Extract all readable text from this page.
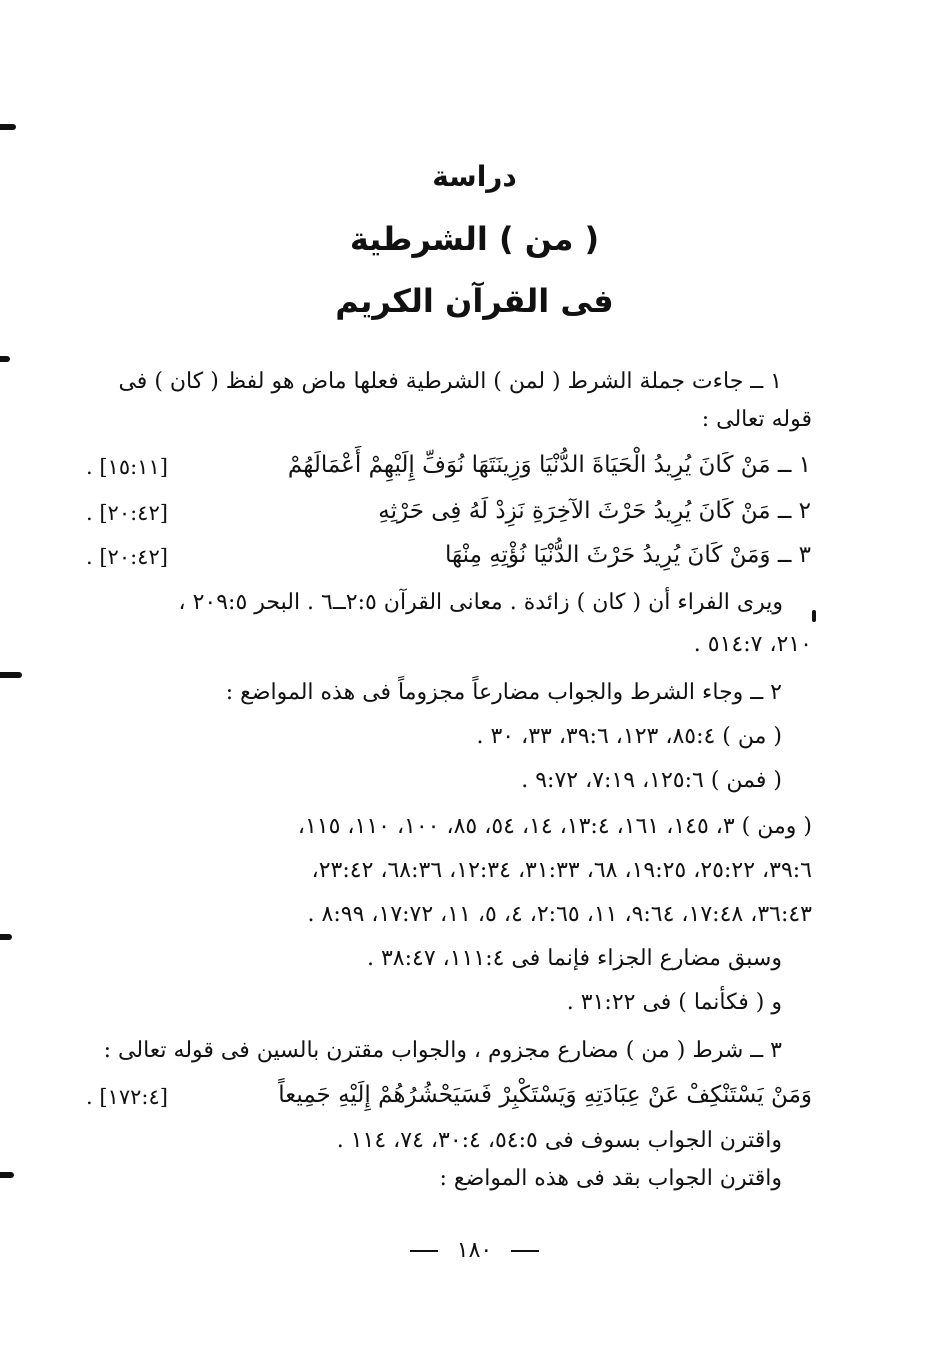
دراسة
( من ) الشرطية
فى القرآن الكريم
١ ــ جاءت جملة الشرط ( لمن ) الشرطية فعلها ماض هو لفظ ( كان ) فى
قوله تعالى :
١ ــ مَنْ كَانَ يُرِيدُ الْحَيَاةَ الدُّنْيَا وَزِينَتَهَا نُوَفِّ إِلَيْهِمْ أَعْمَالَهُمْ
[١٥:١١] .
٢ ــ مَنْ كَانَ يُرِيدُ حَرْثَ الآخِرَةِ نَزِدْ لَهُ فِى حَرْثِهِ
[٢٠:٤٢] .
٣ ــ وَمَنْ كَانَ يُرِيدُ حَرْثَ الدُّنْيَا نُؤْتِهِ مِنْهَا
[٢٠:٤٢] .
ويرى الفراء أن ( كان ) زائدة . معانى القرآن ٢:٥ــ٦ . البحر ٢٠٩:٥ ،
٢١٠، ٥١٤:٧ .
٢ ــ وجاء الشرط والجواب مضارعاً مجزوماً فى هذه المواضع :
( من ) ٨٥:٤، ١٢٣، ٣٩:٦، ٣٣، ٣٠ .
( فمن ) ١٢٥:٦، ٧:١٩، ٩:٧٢ .
( ومن ) ٣، ١٤٥، ١٦١، ١٣:٤، ١٤، ٥٤، ٨٥، ١٠٠، ١١٠، ١١٥،
٣٩:٦، ٢٥:٢٢، ١٩:٢٥، ٦٨، ٣١:٣٣، ١٢:٣٤، ٦٨:٣٦، ٢٣:٤٢،
٣٦:٤٣، ١٧:٤٨، ٩:٦٤، ١١، ٢:٦٥، ٤، ٥، ١١، ١٧:٧٢، ٨:٩٩ .
وسبق مضارع الجزاء فإنما فى ١١١:٤، ٣٨:٤٧ .
و ( فكأنما ) فى ٣١:٢٢ .
٣ ــ شرط ( من ) مضارع مجزوم ، والجواب مقترن بالسين فى قوله تعالى :
وَمَنْ يَسْتَنْكِفْ عَنْ عِبَادَتِهِ وَيَسْتَكْبِرْ فَسَيَحْشُرُهُمْ إِلَيْهِ جَمِيعاً
[١٧٢:٤] .
واقترن الجواب بسوف فى ٥٤:٥، ٣٠:٤، ٧٤، ١١٤ .
واقترن الجواب بقد فى هذه المواضع :
١٨٠
